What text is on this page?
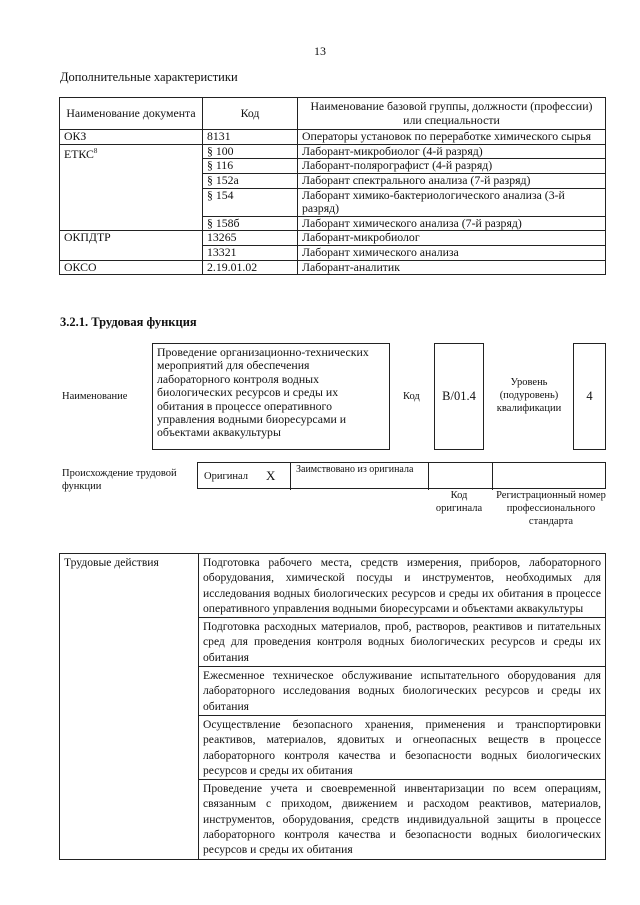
13
Дополнительные характеристики
Наименование документа	Код	Наименование базовой группы, должности (профессии) или специальности
ОКЗ	8131	Операторы установок по переработке химического сырья
ЕТКС$^8$	§ 100	Лаборант-микробиолог (4-й разряд)
	§ 116	Лаборант-полярографист (4-й разряд)
	§ 152а	Лаборант спектрального анализа (7-й разряд)
	§ 154	Лаборант химико-бактериологического анализа (3-й разряд)
	§ 158б	Лаборант химического анализа (7-й разряд)
ОКПДТР	13265	Лаборант-микробиолог
	13321	Лаборант химического анализа
ОКСО	2.19.01.02	Лаборант-аналитик
3.2.1. Трудовая функция
Наименование
Проведение организационно-технических мероприятий для обеспечения лабораторного контроля водных биологических ресурсов и среды их обитания в процессе оперативного управления водными биоресурсами и объектами аквакультуры
Код	В/01.4
Уровень (подуровень) квалификации
4
Происхождение трудовой функции
Оригинал X Заимствовано из оригинала
Код оригинала
Регистрационный номер профессионального стандарта
Трудовые действия	Подготовка рабочего места, средств измерения, приборов, лабораторного оборудования, химической посуды и инструментов, необходимых для исследования водных биологических ресурсов и среды их обитания в процессе оперативного управления водными биоресурсами и объектами аквакультуры
Подготовка расходных материалов, проб, растворов, реактивов и питательных сред для проведения контроля водных биологических ресурсов и среды их обитания
Ежесменное техническое обслуживание испытательного оборудования для лабораторного исследования водных биологических ресурсов и среды их обитания
Осуществление безопасного хранения, применения и транспортировки реактивов, материалов, ядовитых и огнеопасных веществ в процессе лабораторного контроля качества и безопасности водных биологических ресурсов и среды их обитания
Проведение учета и своевременной инвентаризации по всем операциям, связанным с приходом, движением и расходом реактивов, материалов, инструментов, оборудования, средств индивидуальной защиты в процессе лабораторного контроля качества и безопасности водных биологических ресурсов и среды их обитания
